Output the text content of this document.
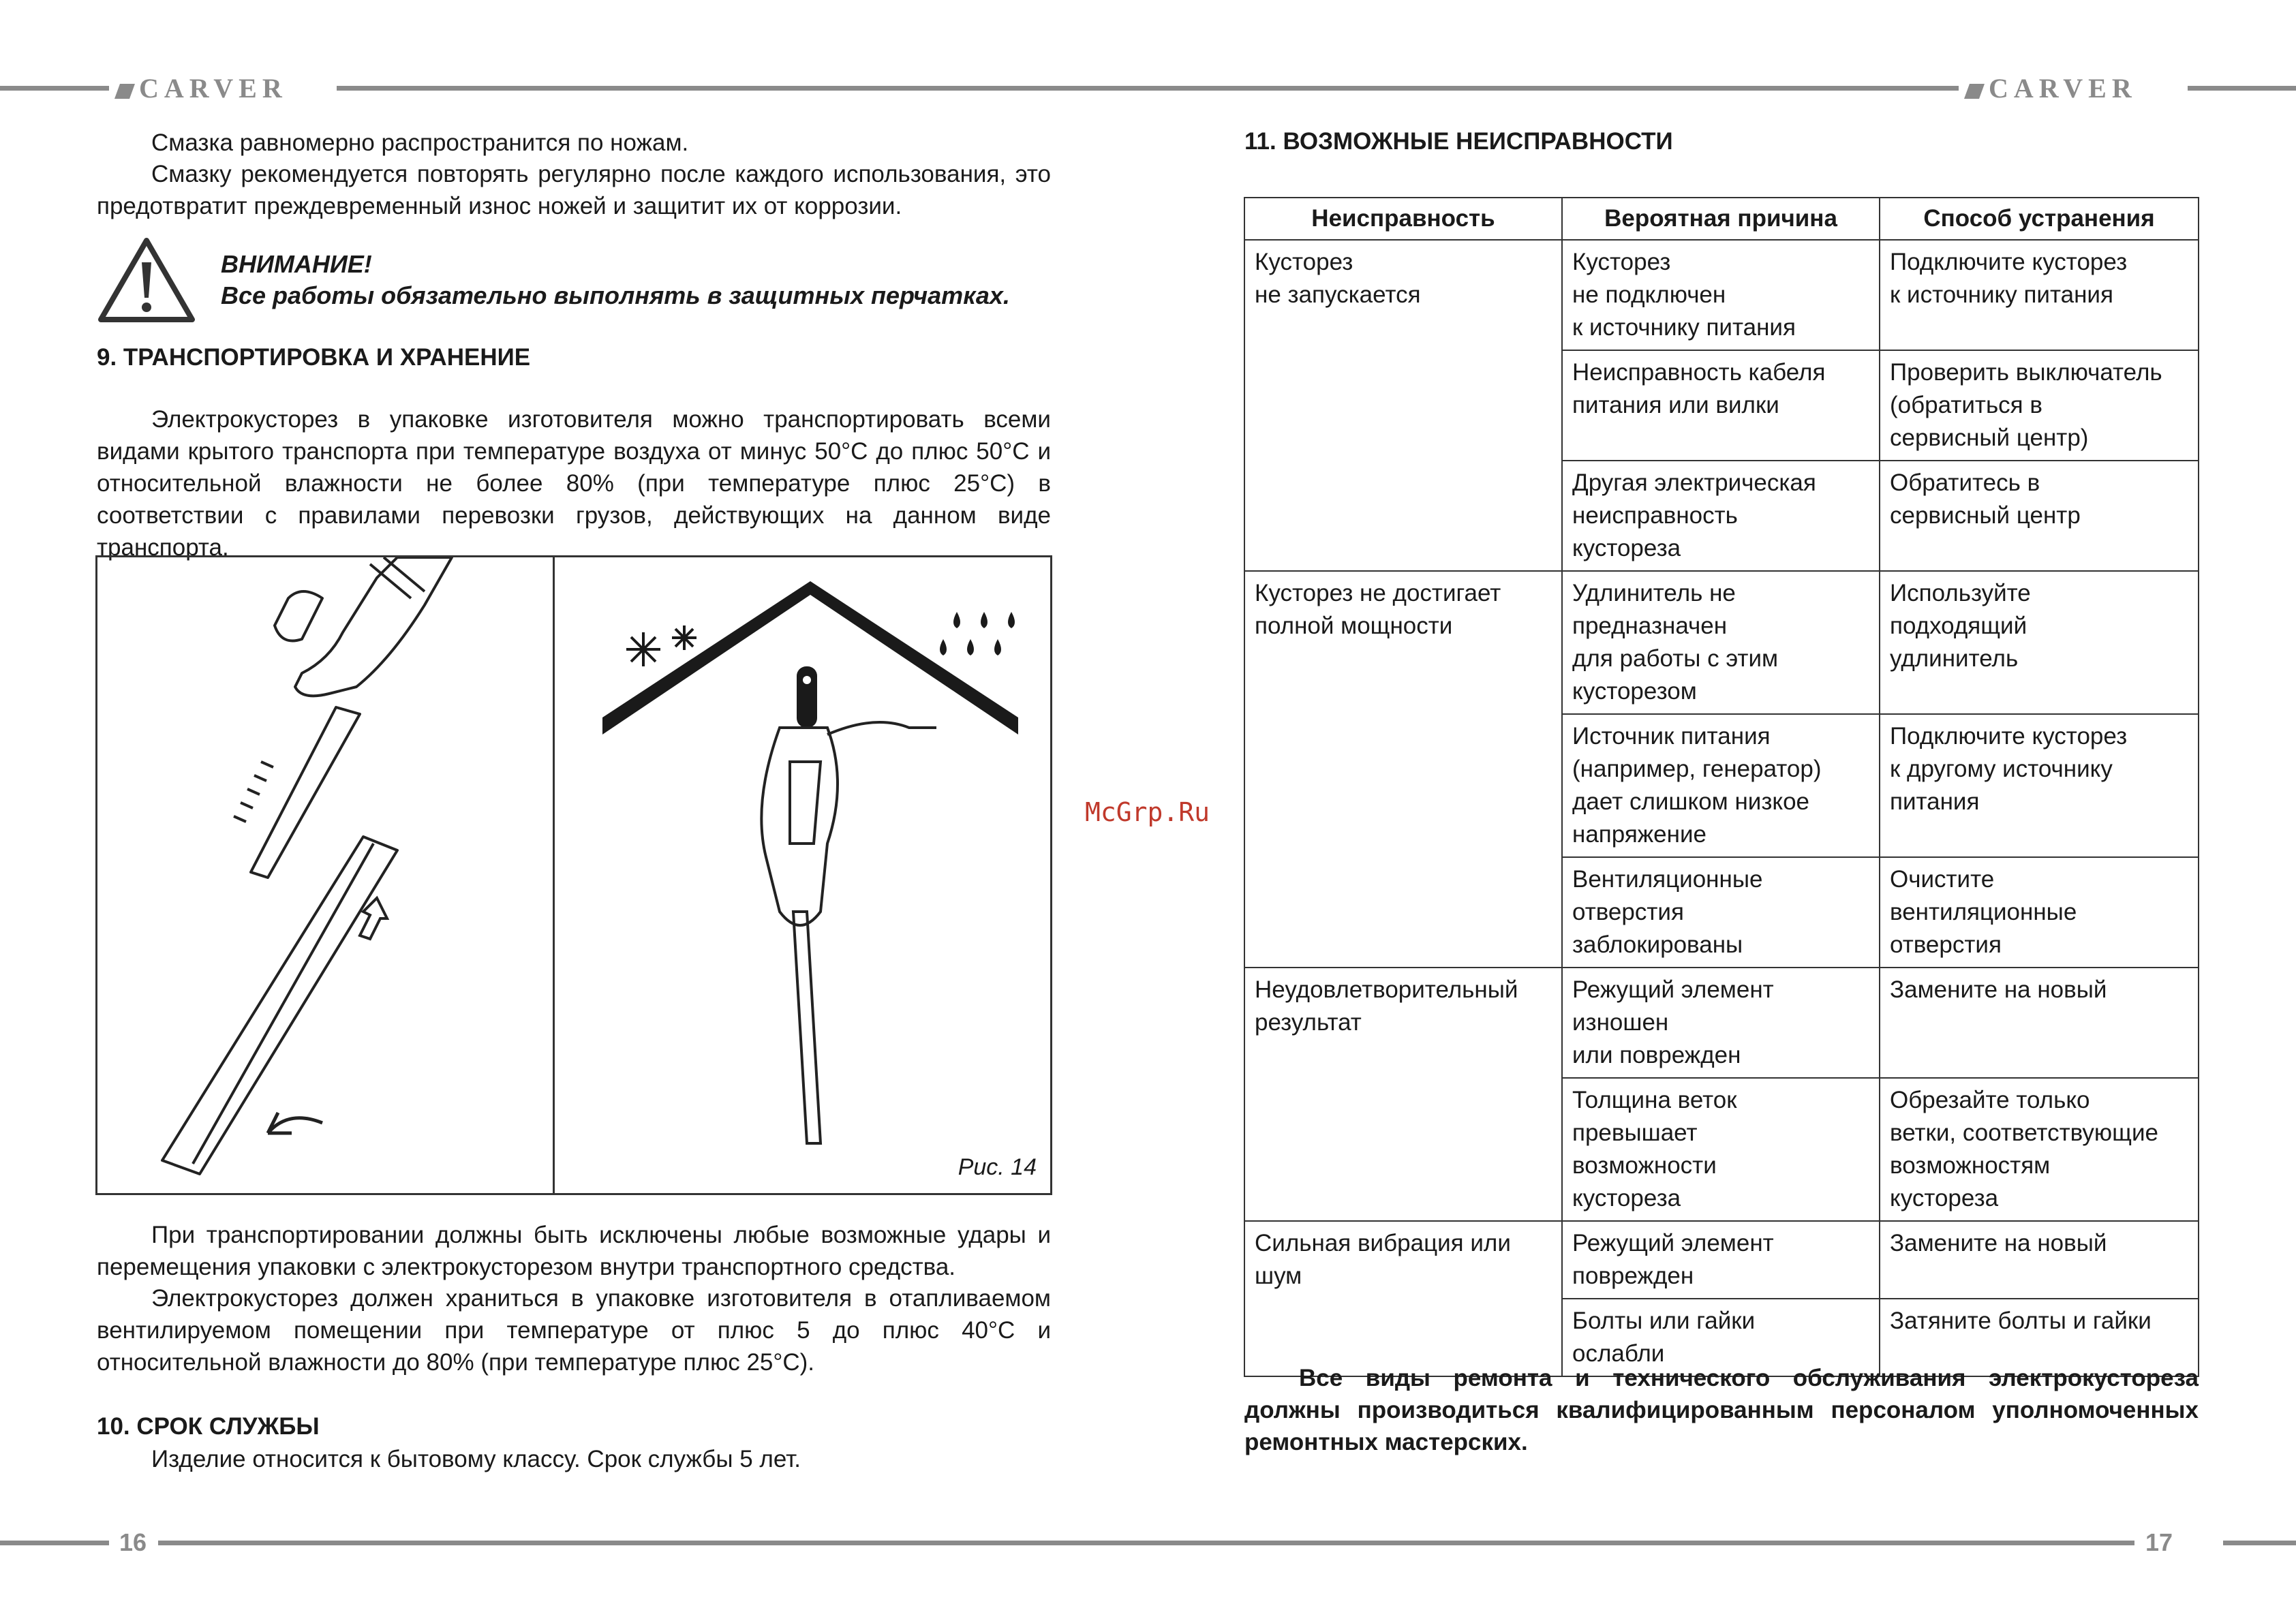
CARVER	CARVER
16	17
Смазка равномерно распространится по ножам.
Смазку рекомендуется повторять регулярно после каждого использования, это предотвратит преждевременный износ ножей и защитит их от коррозии.
ВНИМАНИЕ!
Все работы обязательно выполнять в защитных перчатках.
9. ТРАНСПОРТИРОВКА И ХРАНЕНИЕ
Электрокусторез в упаковке изготовителя можно транспортировать всеми видами крытого транспорта при температуре воздуха от минус 50°С до плюс 50°С и относительной влажности не более 80% (при температуре плюс 25°С) в соответствии с правилами перевозки грузов, действующих на данном виде транспорта.
Рис. 14
При транспортировании должны быть исключены любые возможные удары и перемещения упаковки с электрокусторезом внутри транспортного средства.
Электрокусторез должен храниться в упаковке изготовителя в отапливаемом вентилируемом помещении при температуре от плюс 5 до плюс 40°С и относительной влажности до 80% (при температуре плюс 25°С).
10. СРОК СЛУЖБЫ
Изделие относится к бытовому классу. Срок службы 5 лет.
McGrp.Ru
11. ВОЗМОЖНЫЕ НЕИСПРАВНОСТИ
Неисправность	Вероятная причина	Способ устранения
Кусторез
не запускается	Кусторез
не подключен
к источнику питания	Подключите кусторез
к источнику питания
	Неисправность кабеля
питания или вилки	Проверить выключатель
(обратиться в
сервисный центр)
	Другая электрическая
неисправность
кустореза	Обратитесь в
сервисный центр
Кусторез не достигает
полной мощности	Удлинитель не
предназначен
для работы с этим
кусторезом	Используйте
подходящий
удлинитель
	Источник питания
(например, генератор)
дает слишком низкое
напряжение	Подключите кусторез
к другому источнику
питания
	Вентиляционные
отверстия
заблокированы	Очистите
вентиляционные
отверстия
Неудовлетворительный
результат	Режущий элемент
изношен
или поврежден	Замените на новый
	Толщина веток
превышает
возможности
кустореза	Обрезайте только
ветки, соответствующие
возможностям
кустореза
Сильная вибрация или
шум	Режущий элемент
поврежден	Замените на новый
	Болты или гайки
ослабли	Затяните болты и гайки
Все виды ремонта и технического обслуживания электрокустореза должны производиться квалифицированным персоналом уполномоченных ремонтных мастерских.
